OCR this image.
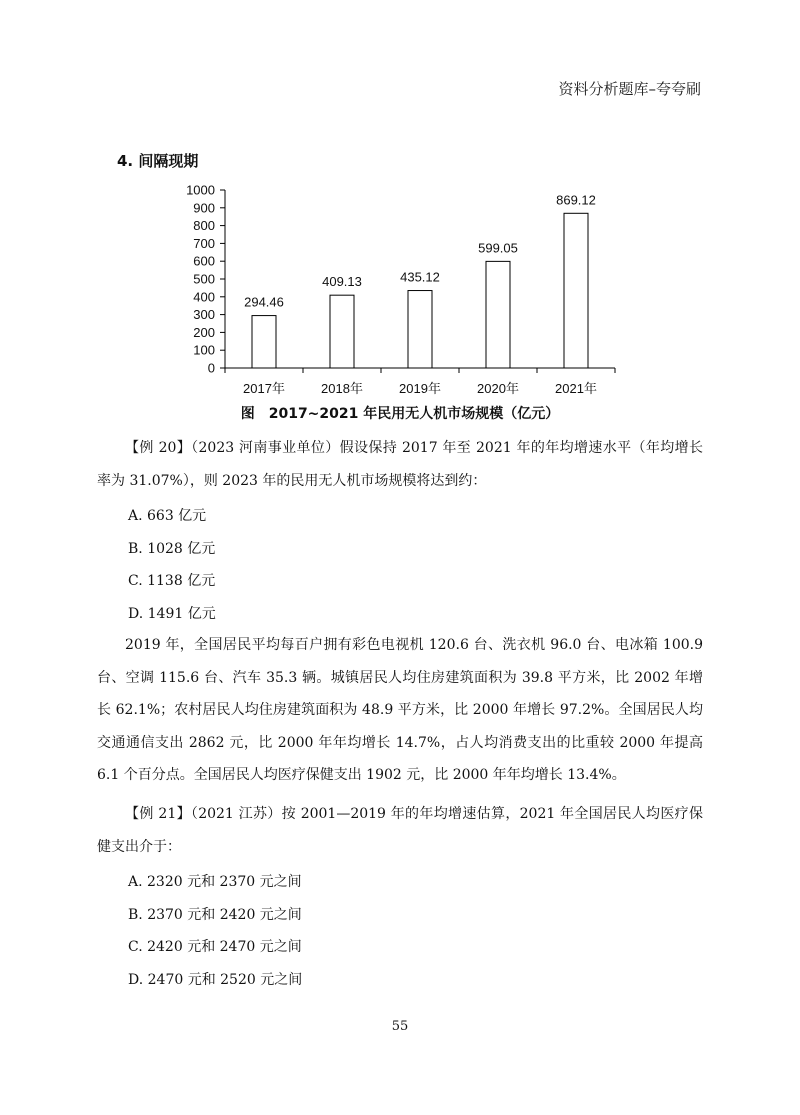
资料分析题库–夸夸刷
4. 间隔现期
0
100
200
300
400
500
600
700
800
900
1000
294.46
409.13	435.12
599.05
869.12
2017年	2018年	2019年	2020年	2021年
图　2017~2021 年民用无人机市场规模（亿元）
【例 20】（2023 河南事业单位）假设保持 2017 年至 2021 年的年均增速水平（年均增长率为 31.07%），则 2023 年的民用无人机市场规模将达到约：
A. 663 亿元
B. 1028 亿元
C. 1138 亿元
D. 1491 亿元
2019 年，全国居民平均每百户拥有彩色电视机 120.6 台、洗衣机 96.0 台、电冰箱 100.9 台、空调 115.6 台、汽车 35.3 辆。城镇居民人均住房建筑面积为 39.8 平方米，比 2002 年增长 62.1%；农村居民人均住房建筑面积为 48.9 平方米，比 2000 年增长 97.2%。全国居民人均交通通信支出 2862 元，比 2000 年年均增长 14.7%，占人均消费支出的比重较 2000 年提高 6.1 个百分点。全国居民人均医疗保健支出 1902 元，比 2000 年年均增长 13.4%。
【例 21】（2021 江苏）按 2001—2019 年的年均增速估算，2021 年全国居民人均医疗保健支出介于：
A. 2320 元和 2370 元之间
B. 2370 元和 2420 元之间
C. 2420 元和 2470 元之间
D. 2470 元和 2520 元之间
55
